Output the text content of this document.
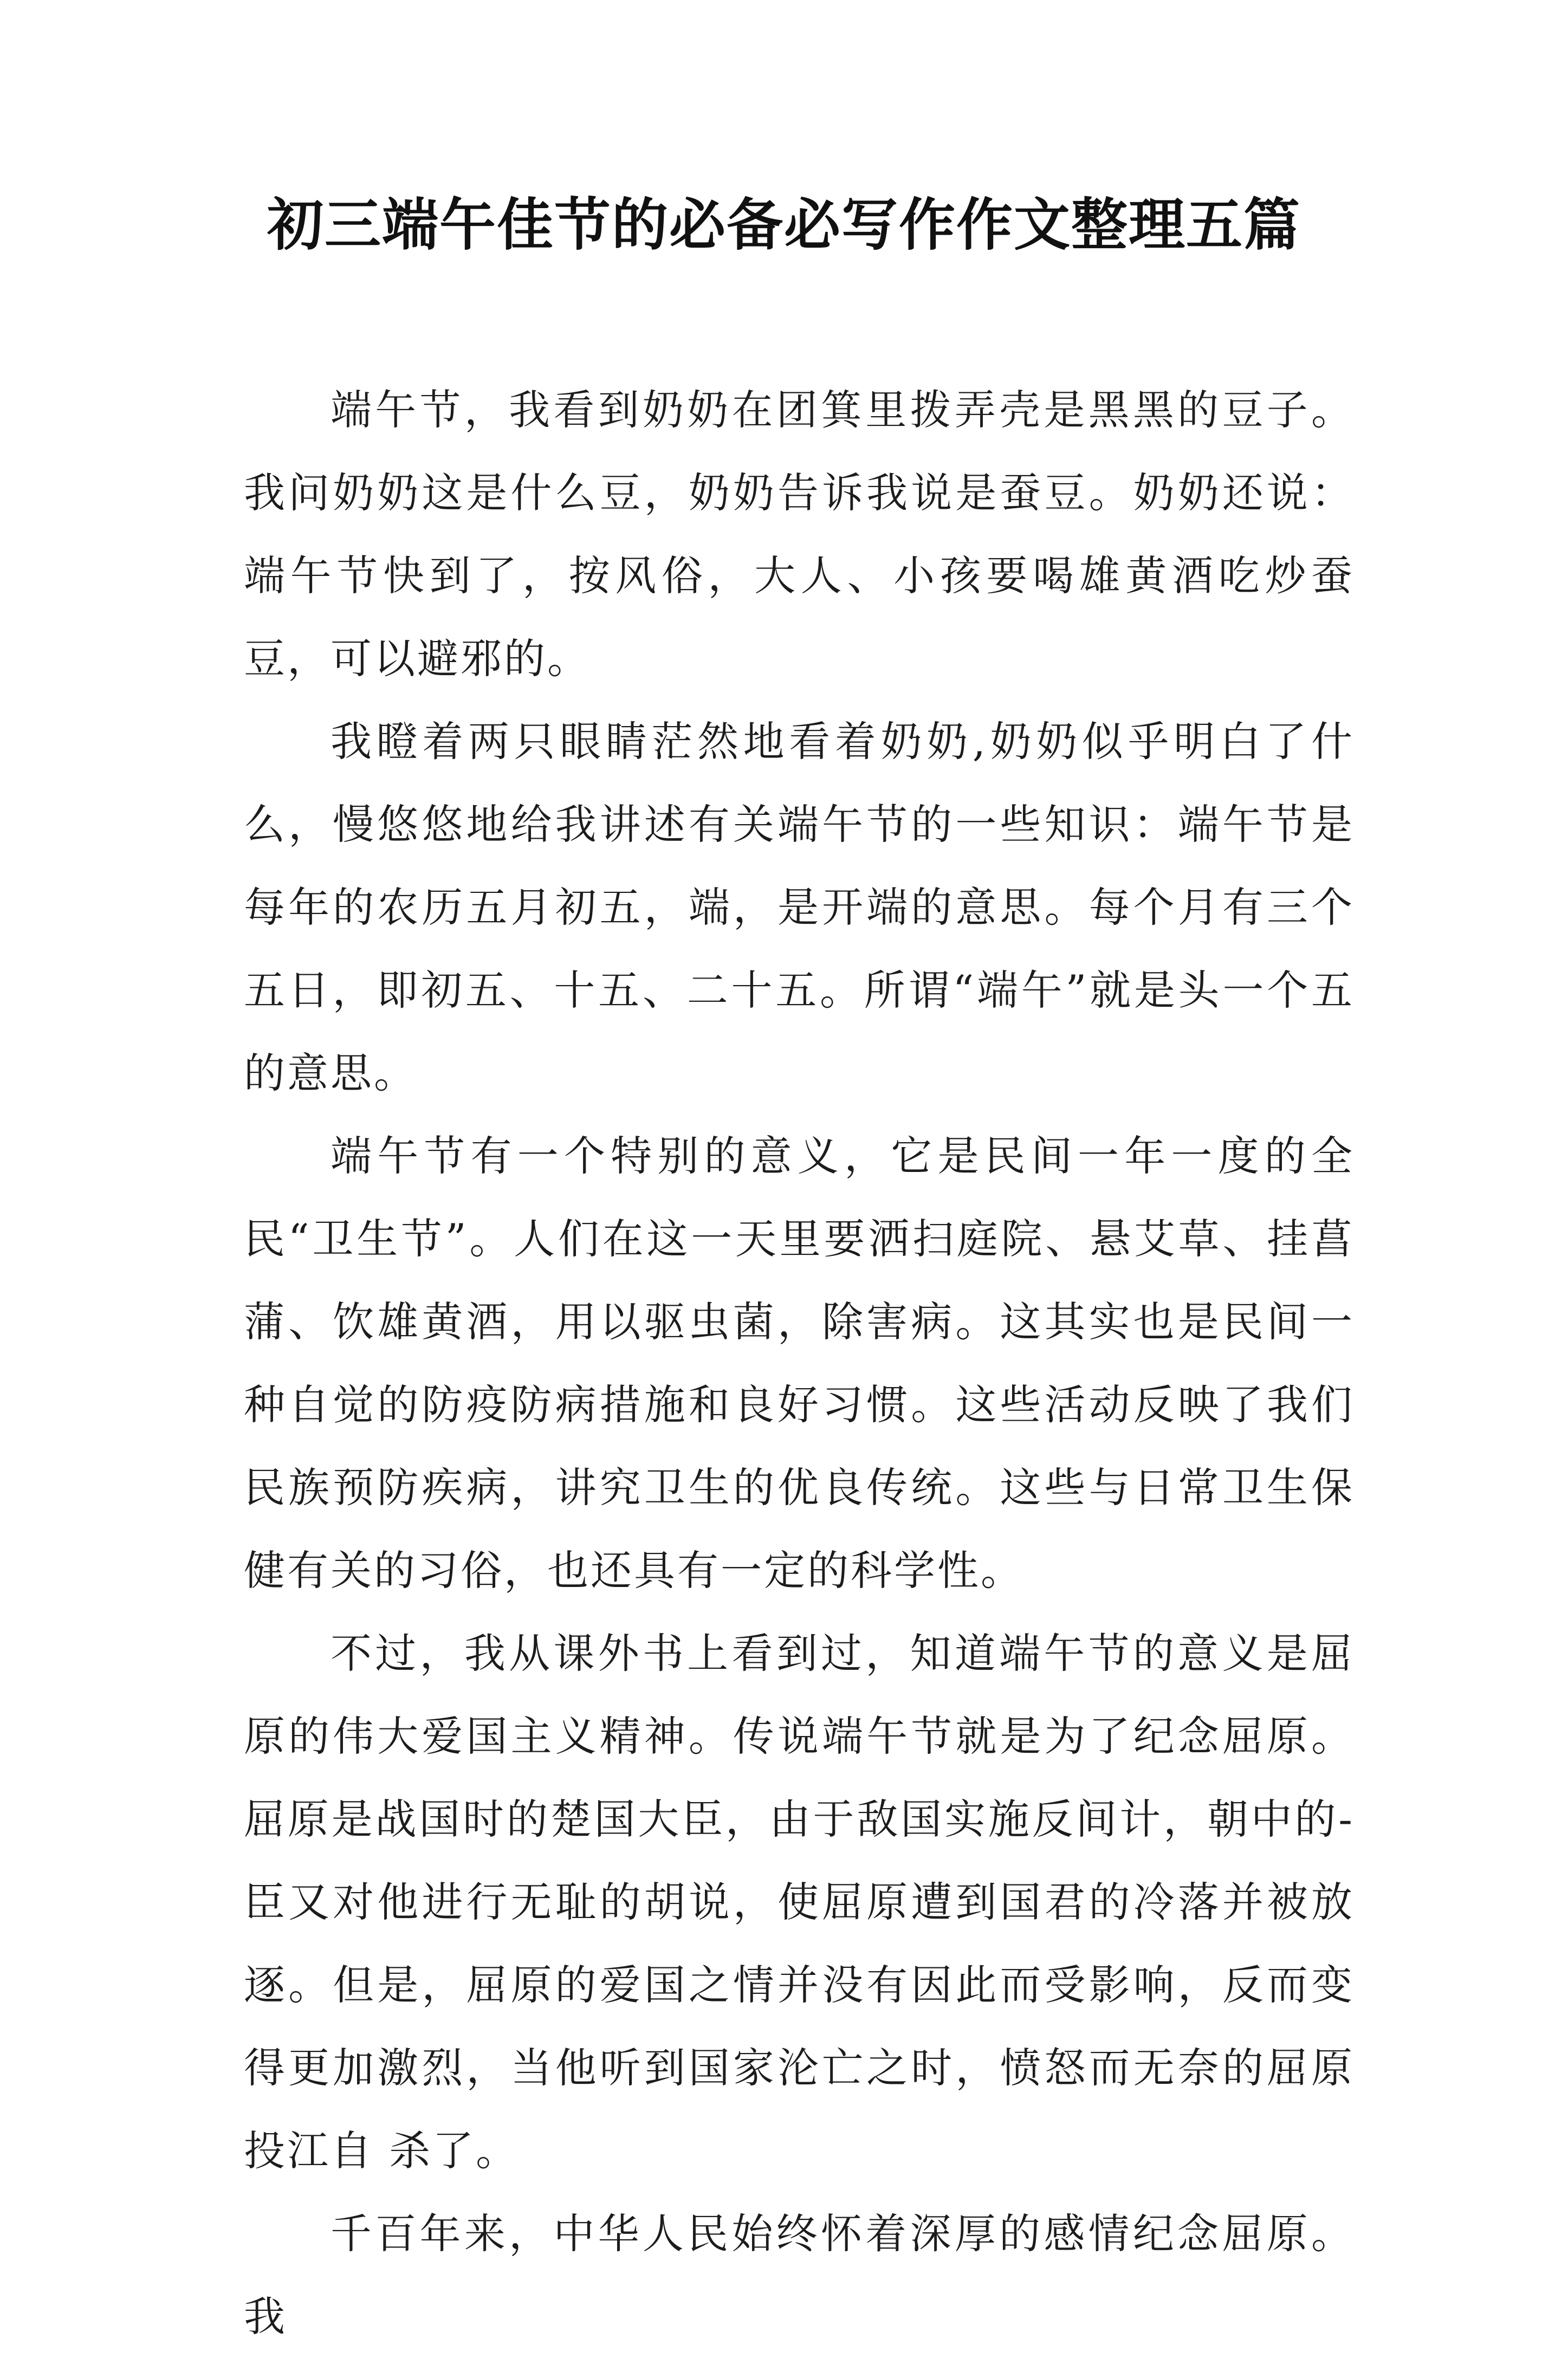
初三端午佳节的必备必写作作文整理五篇

端午节，我看到奶奶在团箕里拨弄壳是黑黑的豆子。我问奶奶这是什么豆，奶奶告诉我说是蚕豆。奶奶还说：端午节快到了，按风俗，大人、小孩要喝雄黄酒吃炒蚕豆，可以避邪的。

我瞪着两只眼睛茫然地看着奶奶,奶奶似乎明白了什么，慢悠悠地给我讲述有关端午节的一些知识：端午节是每年的农历五月初五，端，是开端的意思。每个月有三个五日，即初五、十五、二十五。所谓“端午”就是头一个五的意思。

端午节有一个特别的意义，它是民间一年一度的全民“卫生节”。人们在这一天里要洒扫庭院、悬艾草、挂菖蒲、饮雄黄酒，用以驱虫菌，除害病。这其实也是民间一种自觉的防疫防病措施和良好习惯。这些活动反映了我们民族预防疾病，讲究卫生的优良传统。这些与日常卫生保健有关的习俗，也还具有一定的科学性。

不过，我从课外书上看到过，知道端午节的意义是屈原的伟大爱国主义精神。传说端午节就是为了纪念屈原。屈原是战国时的楚国大臣，由于敌国实施反间计，朝中的-臣又对他进行无耻的胡说，使屈原遭到国君的冷落并被放逐。但是，屈原的爱国之情并没有因此而受影响，反而变得更加激烈，当他听到国家沦亡之时，愤怒而无奈的屈原投江自 杀了。

千百年来，中华人民始终怀着深厚的感情纪念屈原。我
